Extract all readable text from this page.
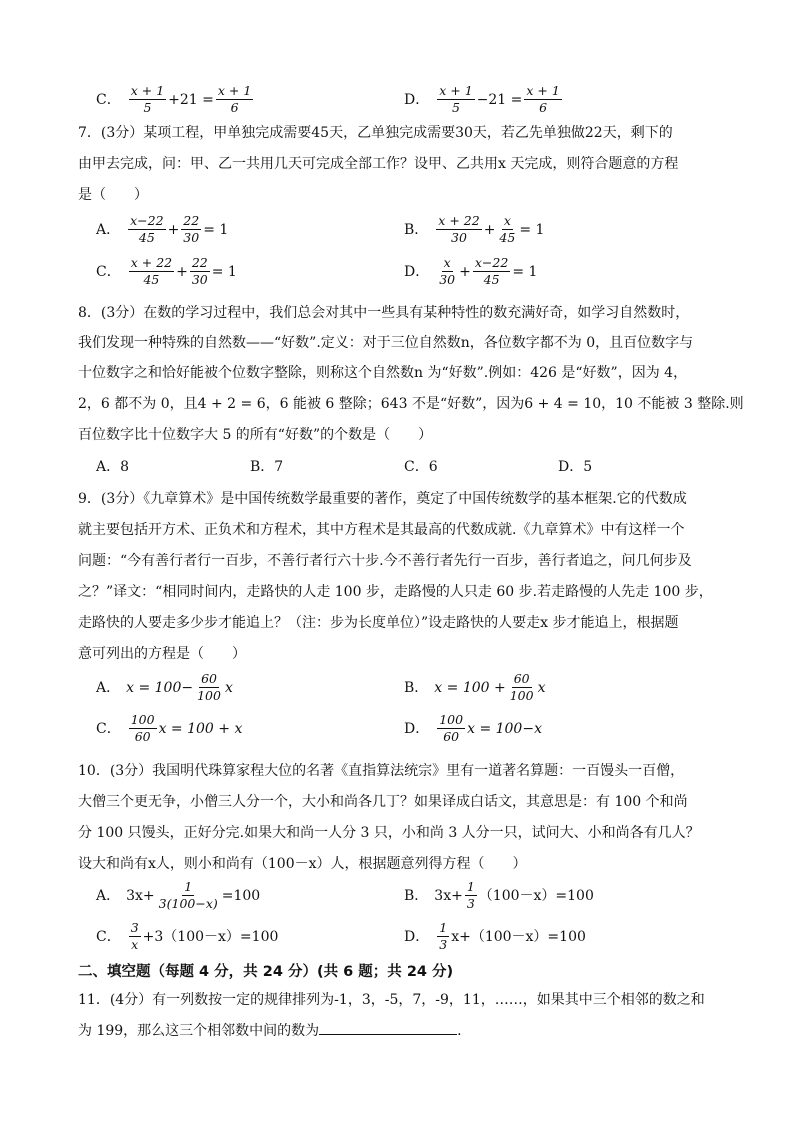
C． $\frac{x + 1}{5} +21 = \frac{x + 1}{6}$	D． $\frac{x + 1}{5} -21 = \frac{x + 1}{6}$
7．(3分）某项工程，甲单独完成需要45天，乙单独完成需要30天，若乙先单独做22天，剩下的
由甲去完成，问：甲、乙一共用几天可完成全部工作？设甲、乙共用x 天完成，则符合题意的方程
是（　　）
A． $\frac{x-22}{45} + \frac{22}{30} = 1$	B． $\frac{x + 22}{30} + \frac{x}{45} = 1$
C． $\frac{x + 22}{45} + \frac{22}{30} = 1$	D． $\frac{x}{30} + \frac{x-22}{45} = 1$
8．(3分）在数的学习过程中，我们总会对其中一些具有某种特性的数充满好奇，如学习自然数时，
我们发现一种特殊的自然数——“好数”.定义：对于三位自然数n，各位数字都不为 0，且百位数字与
十位数字之和恰好能被个位数字整除，则称这个自然数n 为“好数”.例如：426 是“好数”，因为 4，
2，6 都不为 0，且4 + 2 = 6，6 能被 6 整除；643 不是“好数”，因为6 + 4 = 10，10 不能被 3 整除.则
百位数字比十位数字大 5 的所有“好数”的个数是（　　）
A．8	B．7	C．6	D．5
9．(3分）《九章算术》是中国传统数学最重要的著作，奠定了中国传统数学的基本框架.它的代数成
就主要包括开方术、正负术和方程术，其中方程术是其最高的代数成就.《九章算术》中有这样一个
问题：“今有善行者行一百步，不善行者行六十步.今不善行者先行一百步，善行者追之，问几何步及
之？”译文：“相同时间内，走路快的人走 100 步，走路慢的人只走 60 步.若走路慢的人先走 100 步，
走路快的人要走多少步才能追上？（注：步为长度单位）”设走路快的人要走x 步才能追上，根据题
意可列出的方程是（　　）
A． $x = 100- \frac{60}{100}$ x	B． $x = 100 + \frac{60}{100}$ x
C． $\frac{100}{60}$ x = 100 + x	D． $\frac{100}{60}$ x = 100−x
10．(3分）我国明代珠算家程大位的名著《直指算法统宗》里有一道著名算题：一百馒头一百僧，
大僧三个更无争，小僧三人分一个，大小和尚各几丁？如果译成白话文，其意思是：有 100 个和尚
分 100 只馒头，正好分完.如果大和尚一人分 3 只，小和尚 3 人分一只，试问大、小和尚各有几人？
设大和尚有x人，则小和尚有（100－x）人，根据题意列得方程（　　）
A． $3x+ \frac{1}{3(100-x)} =100$	B． $3x+ \frac{1}{3} (100-x)=100$
C． $\frac{3}{x} +3(100-x)=100$	D． $\frac{1}{3} x+(100-x)=100$
二、填空题（每题 4 分，共 24 分）(共 6 题；共 24 分)
11．(4分）有一列数按一定的规律排列为-1，3，-5，7，-9，11，……，如果其中三个相邻的数之和
为 199，那么这三个相邻数中间的数为	.
